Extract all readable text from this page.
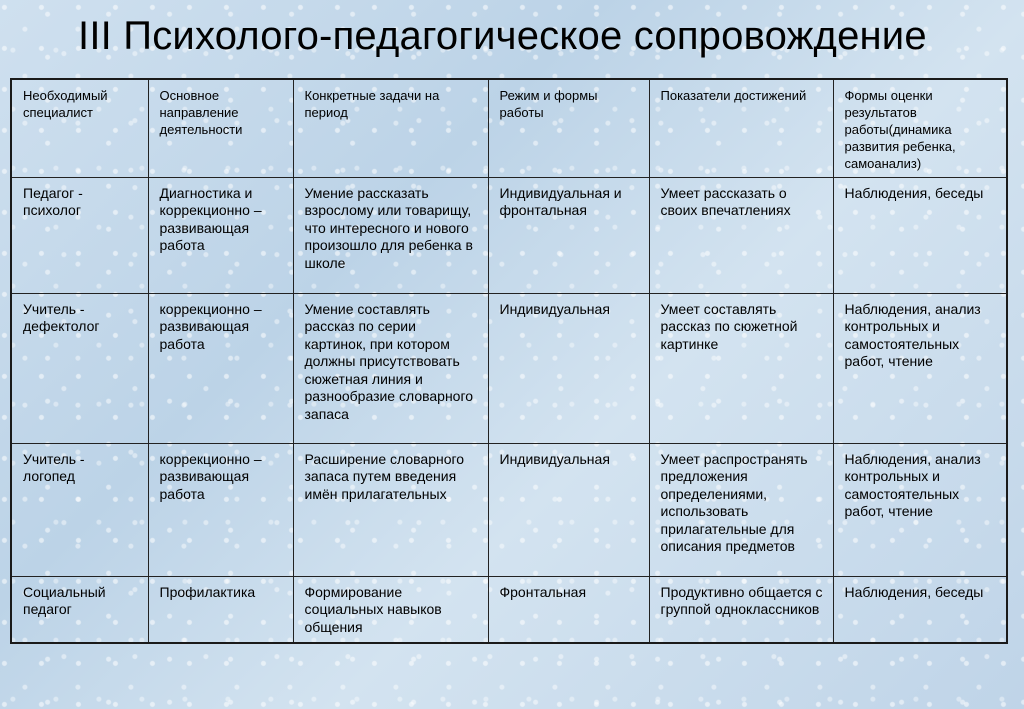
III Психолого-педагогическое сопровождение
Необходимый специалист	Основное направление деятельности	Конкретные задачи на период	Режим и формы работы	Показатели достижений	Формы оценки результатов работы(динамика развития ребенка, самоанализ)
Педагог - психолог	Диагностика и коррекционно – развивающая работа	Умение рассказать взрослому или товарищу, что интересного и нового произошло для ребенка в школе	Индивидуальная и фронтальная	Умеет рассказать о своих впечатлениях	Наблюдения, беседы
Учитель - дефектолог	коррекционно – развивающая работа	Умение составлять рассказ по серии картинок, при котором должны присутствовать сюжетная линия и разнообразие словарного запаса	Индивидуальная	Умеет составлять рассказ по сюжетной картинке	Наблюдения, анализ контрольных и самостоятельных работ, чтение
Учитель - логопед	коррекционно – развивающая работа	Расширение словарного запаса путем введения имён прилагательных	Индивидуальная	Умеет распространять предложения определениями, использовать прилагательные для описания предметов	Наблюдения, анализ контрольных и самостоятельных работ, чтение
Социальный педагог	Профилактика	Формирование социальных навыков общения	Фронтальная	Продуктивно общается с группой одноклассников	Наблюдения, беседы
